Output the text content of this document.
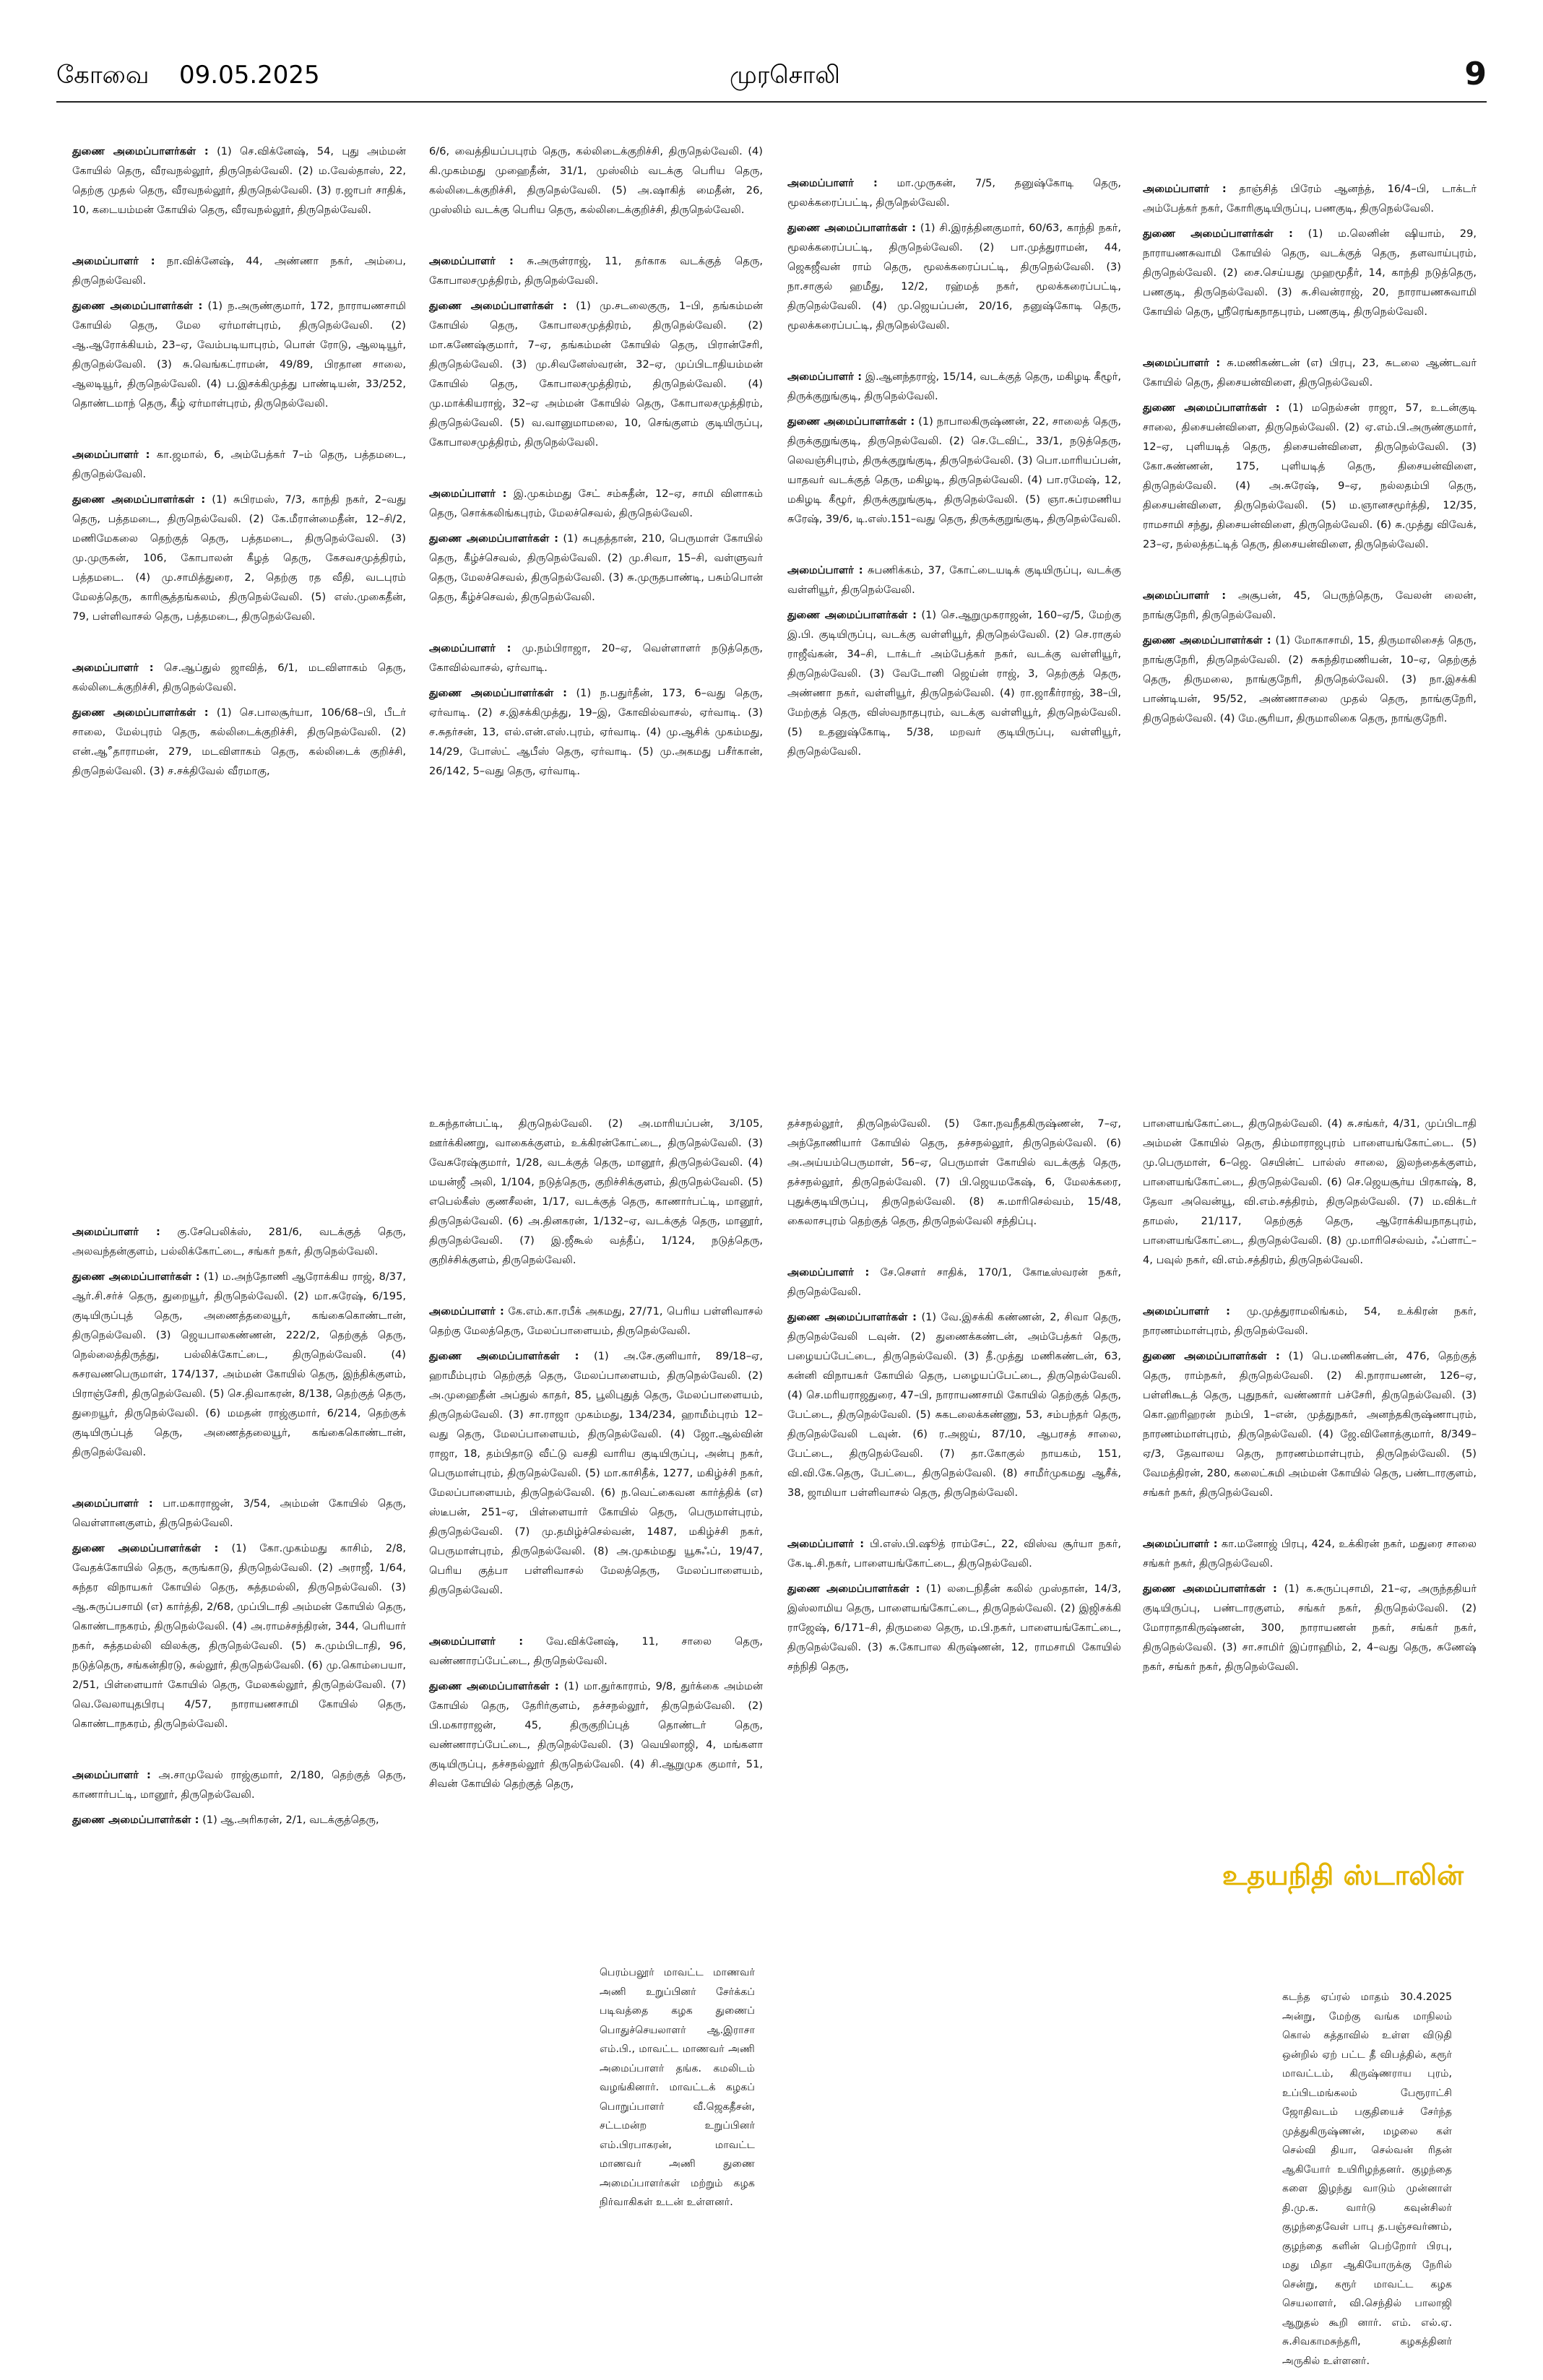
கோவை 09.05.2025	முரசொலி	9
துணை அமைப்பாளர்கள் : (1) செ.விக்னேஷ், 54, புது அம்மன் கோயில் தெரு, வீரவநல்லூர், திருநெல்வேலி. (2) ம.வேல்தாஸ், 22, தெற்கு முதல் தெரு, வீரவநல்லூர், திருநெல்வேலி. (3) ர.ஜாபர் சாதிக், 10, கடையம்மன் கோயில் தெரு, வீரவநல்லூர், திருநெல்வேலி.
அமைப்பாளர் : நா.விக்னேஷ், 44, அண்ணா நகர், அம்பை, திருநெல்வேலி.
துணை அமைப்பாளர்கள் : (1) ந.அருண்குமார், 172, நாராயணசாமி கோயில் தெரு, மேல ஏர்மாள்புரம், திருநெல்வேலி. (2) ஆ.ஆரோக்கியம், 23–ஏ, வேம்படியாபுரம், பொள் ரோடு, ஆலடியூர், திருநெல்வேலி. (3) சு.வெங்கட்ராமன், 49/89, பிரதான சாலை, ஆலடியூர், திருநெல்வேலி. (4) ப.இசக்கிமுத்து பாண்டியன், 33/252, தொண்டமாந் தெரு, கீழ் ஏர்மாள்புரம், திருநெல்வேலி.
அமைப்பாளர் : கா.ஜமால், 6, அம்பேத்கர் 7–ம் தெரு, பத்தமடை, திருநெல்வேலி.
துணை அமைப்பாளர்கள் : (1) சுபிரமஸ், 7/3, காந்தி நகர், 2–வது தெரு, பத்தமடை, திருநெல்வேலி. (2) கே.மீரான்மைதீன், 12–சி/2, மணிமேகலை தெற்குத் தெரு, பத்தமடை, திருநெல்வேலி. (3) மு.முருகன், 106, கோபாலன் கீழத் தெரு, கேசவசமுத்திரம், பத்தமடை. (4) மு.சாமித்துரை, 2, தெற்கு ரத வீதி, வடபுரம் மேலத்தெரு, காரிசூத்தங்கலம், திருநெல்வேலி. (5) எஸ்.முகைதீன், 79, பள்ளிவாசல் தெரு, பத்தமடை, திருநெல்வேலி.
அமைப்பாளர் : செ.ஆப்துல் ஜாவித், 6/1, மடவிளாகம் தெரு, கல்லிடைக்குறிச்சி, திருநெல்வேலி.
துணை அமைப்பாளர்கள் : (1) செ.பாலசூர்யா, 106/68–பி, பீடர் சாலை, மேல்புரம் தெரு, கல்லிடைக்குறிச்சி, திருநெல்வேலி. (2) என்.ஆீதாராமன், 279, மடவிளாகம் தெரு, கல்லிடைக் குறிச்சி, திருநெல்வேலி. (3) ச.சக்திவேல் வீரமாகு,
6/6, வைத்தியப்பபுரம் தெரு, கல்லிடைக்குறிச்சி, திருநெல்வேலி. (4) கி.முகம்மது முஹைதீன், 31/1, முஸ்லிம் வடக்கு பெரிய தெரு, கல்லிடைக்குறிச்சி, திருநெல்வேலி. (5) அ.ஷாகித் மைதீன், 26, முஸ்லிம் வடக்கு பெரிய தெரு, கல்லிடைக்குறிச்சி, திருநெல்வேலி.
அமைப்பாளர் : சு.அருள்ராஜ், 11, தர்காக வடக்குத் தெரு, கோபாலசமுத்திரம், திருநெல்வேலி.
துணை அமைப்பாளர்கள் : (1) மு.சடலைகுரு, 1–பி, தங்கம்மன் கோயில் தெரு, கோபாலசமுத்திரம், திருநெல்வேலி. (2) மா.கணேஷ்குமார், 7–ஏ, தங்கம்மன் கோயில் தெரு, பிரான்சேரி, திருநெல்வேலி. (3) மு.சிவனேஸ்வரன், 32–ஏ, முப்பிடாதியம்மன் கோயில் தெரு, கோபாலசமுத்திரம், திருநெல்வேலி. (4) மு.மாக்கியராஜ், 32–ஏ அம்மன் கோயில் தெரு, கோபாலசமுத்திரம், திருநெல்வேலி. (5) வ.வானுமாமலை, 10, செங்குளம் குடியிருப்பு, கோபாலசமுத்திரம், திருநெல்வேலி.
அமைப்பாளர் : இ.முகம்மது சேட் சம்சுதீன், 12–ஏ, சாமி விளாகம் தெரு, சொக்கலிங்கபுரம், மேலச்செவல், திருநெல்வேலி.
துணை அமைப்பாளர்கள் : (1) சுபுதத்தான், 210, பெருமாள் கோயில் தெரு, கீழ்ச்செவல், திருநெல்வேலி. (2) மு.சிவா, 15–சி, வள்ளுவர் தெரு, மேலச்செவல், திருநெல்வேலி. (3) சு.முருதபாண்டி, பசும்பொன் தெரு, கீழ்ச்செவல், திருநெல்வேலி.
அமைப்பாளர் : மு.நம்பிராஜா, 20–ஏ, வெள்ளாளர் நடுத்தெரு, கோவில்வாசல், ஏர்வாடி.
துணை அமைப்பாளர்கள் : (1) ந.பதுர்தீன், 173, 6–வது தெரு, ஏர்வாடி. (2) ச.இசக்கிமுத்து, 19–இ, கோவில்வாசல், ஏர்வாடி. (3) ச.சுதர்சன், 13, எல்.என்.எஸ்.புரம், ஏர்வாடி. (4) மு.ஆசிக் முகம்மது, 14/29, போஸ்ட் ஆபீஸ் தெரு, ஏர்வாடி. (5) மு.அகமது பசீர்கான், 26/142, 5–வது தெரு, ஏர்வாடி.
அமைப்பாளர் : மா.முருகன், 7/5, தனுஷ்கோடி தெரு, மூலக்கரைப்பட்டி, திருநெல்வேலி.
துணை அமைப்பாளர்கள் : (1) சி.இரத்தினகுமார், 60/63, காந்தி நகர், மூலக்கரைப்பட்டி, திருநெல்வேலி. (2) பா.முத்துராமன், 44, ஜெகஜீவன் ராம் தெரு, மூலக்கரைப்பட்டி, திருநெல்வேலி. (3) நா.சாகுல் ஹமீது, 12/2, ரஹ்மத் நகர், மூலக்கரைப்பட்டி, திருநெல்வேலி. (4) மு.ஜெயப்பன், 20/16, தனுஷ்கோடி தெரு, மூலக்கரைப்பட்டி, திருநெல்வேலி.
அமைப்பாளர் : இ.ஆனந்தராஜ், 15/14, வடக்குத் தெரு, மகிழடி கீழூர், திருக்குறுங்குடி, திருநெல்வேலி.
துணை அமைப்பாளர்கள் : (1) நாபாலகிருஷ்ணன், 22, சாலைத் தெரு, திருக்குறுங்குடி, திருநெல்வேலி. (2) செ.டேவிட், 33/1, நடுத்தெரு, லெவஞ்சிபுரம், திருக்குறுங்குடி, திருநெல்வேலி. (3) பொ.மாரியப்பன், யாதவர் வடக்குத் தெரு, மகிழடி, திருநெல்வேலி. (4) பா.ரமேஷ், 12, மகிழடி கீழூர், திருக்குறுங்குடி, திருநெல்வேலி. (5) ஞா.சுப்ரமணிய சுரேஷ், 39/6, டி.எஸ்.151–வது தெரு, திருக்குறுங்குடி, திருநெல்வேலி.
அமைப்பாளர் : சுபணிக்கம், 37, கோட்டையடிக் குடியிருப்பு, வடக்கு வள்ளியூர், திருநெல்வேலி.
துணை அமைப்பாளர்கள் : (1) செ.ஆறுமுகராஜன், 160–ஏ/5, மேற்கு இ.பி. குடியிருப்பு, வடக்கு வள்ளியூர், திருநெல்வேலி. (2) செ.ராகுல் ராஜீவ்கன், 34–சி, டாக்டர் அம்பேத்கர் நகர், வடக்கு வள்ளியூர், திருநெல்வேலி. (3) வேடோனி ஜெய்ன் ராஜ், 3, தெற்குத் தெரு, அண்ணா நகர், வள்ளியூர், திருநெல்வேலி. (4) ரா.ஜாகீர்ராஜ், 38–பி, மேற்குத் தெரு, விஸ்வநாதபுரம், வடக்கு வள்ளியூர், திருநெல்வேலி. (5) உதனுஷ்கோடி, 5/38, மறவர் குடியிருப்பு, வள்ளியூர், திருநெல்வேலி.
அமைப்பாளர் : தாஞ்சித் பிரேம் ஆனந்த், 16/4–பி, டாக்டர் அம்பேத்கர் நகர், கோரிகுடியிருப்பு, பணகுடி, திருநெல்வேலி.
துணை அமைப்பாளர்கள் : (1) ம.லெனின் ஷியாம், 29, நாராயணசுவாமி கோயில் தெரு, வடக்குத் தெரு, தளவாய்புரம், திருநெல்வேலி. (2) சை.செய்யது முஹமூதீர், 14, காந்தி நடுத்தெரு, பணகுடி, திருநெல்வேலி. (3) சு.சிவன்ராஜ், 20, நாராயணசுவாமி கோயில் தெரு, ஸ்ரீரெங்கநாதபுரம், பணகுடி, திருநெல்வேலி.
அமைப்பாளர் : சு.மணிகண்டன் (எ) பிரபு, 23, சுடலை ஆண்டவர் கோயில் தெரு, திசையன்விளை, திருநெல்வேலி.
துணை அமைப்பாளர்கள் : (1) மநெல்சன் ராஜா, 57, உடன்குடி சாலை, திசையன்விளை, திருநெல்வேலி. (2) ஏ.எம்.பி.அருண்குமார், 12–ஏ, புளியடித் தெரு, திசையன்விளை, திருநெல்வேலி. (3) கோ.சுண்ணன், 175, புளியடித் தெரு, திசையன்விளை, திருநெல்வேலி. (4) அ.சுரேஷ், 9–ஏ, நல்லதம்பி தெரு, திசையன்விளை, திருநெல்வேலி. (5) ம.ஞானசமூர்த்தி, 12/35, ராமசாமி சந்து, திசையன்விளை, திருநெல்வேலி. (6) சு.முத்து விவேக், 23–ஏ, நல்லத்தட்டித் தெரு, திசையன்விளை, திருநெல்வேலி.
அமைப்பாளர் : அசூபன், 45, பெருந்தெரு, வேலன் லைன், நாங்குநேரி, திருநெல்வேலி.
துணை அமைப்பாளர்கள் : (1) மோகாசாமி, 15, திருமாலிசைத் தெரு, நாங்குநேரி, திருநெல்வேலி. (2) சுகந்திரமணியன், 10–ஏ, தெற்குத் தெரு, திருமலை, நாங்குநேரி, திருநெல்வேலி. (3) நா.இசக்கி பாண்டியன், 95/52, அண்ணாசலை முதல் தெரு, நாங்குநேரி, திருநெல்வேலி. (4) மே.சூரியா, திருமாலிகை தெரு, நாங்குநேரி.
அமைப்பாளர் : கு.சேபெலிக்ஸ், 281/6, வடக்குத் தெரு, அலவந்தன்குளம், பல்லிக்கோட்டை, சங்கர் நகர், திருநெல்வேலி.
துணை அமைப்பாளர்கள் : (1) ம.அந்தோணி ஆரோக்கிய ராஜ், 8/37, ஆர்.சி.சர்ச் தெரு, துறையூர், திருநெல்வேலி. (2) மா.சுரேஷ், 6/195, குடியிருப்புத் தெரு, அணைத்தலையூர், கங்கைகொண்டான், திருநெல்வேலி. (3) ஜெயபாலகண்ணன், 222/2, தெற்குத் தெரு, நெல்லைத்திருத்து, பல்லிக்கோட்டை, திருநெல்வேலி. (4) சுசரவணபெருமாள், 174/137, அம்மன் கோயில் தெரு, இந்திக்குளம், பிராஞ்சேரி, திருநெல்வேலி. (5) செ.திவாகரன், 8/138, தெற்குத் தெரு, துறையூர், திருநெல்வேலி. (6) மமதன் ராஜ்குமார், 6/214, தெற்குக் குடியிருப்புத் தெரு, அணைத்தலையூர், கங்கைகொண்டான், திருநெல்வேலி.
அமைப்பாளர் : பா.மகாராஜன், 3/54, அம்மன் கோயில் தெரு, வெள்ளானகுளம், திருநெல்வேலி.
துணை அமைப்பாளர்கள் : (1) கோ.முகம்மது காசிம், 2/8, வேதக்கோயில் தெரு, கருங்காடு, திருநெல்வேலி. (2) அராஜீ, 1/64, சுந்தர விநாயகர் கோயில் தெரு, சுத்தமல்லி, திருநெல்வேலி. (3) ஆ.சுருப்பசாமி (எ) கார்த்தி, 2/68, முப்பிடாதி அம்மன் கோயில் தெரு, கொண்டாநகரம், திருநெல்வேலி. (4) அ.ராமச்சந்திரன், 344, பெரியார் நகர், சுத்தமல்லி விலக்கு, திருநெல்வேலி. (5) சு.மும்பிடாதி, 96, நடுத்தெரு, சங்கன்திரடு, சுல்லூர், திருநெல்வேலி. (6) மு.கொம்பையா, 2/51, பிள்ளையார் கோயில் தெரு, மேலகல்லூர், திருநெல்வேலி. (7) வெ.வேலாயுதபிரபு 4/57, நாராயணசாமி கோயில் தெரு, கொண்டாநகரம், திருநெல்வேலி.
அமைப்பாளர் : அ.சாமுவேல் ராஜ்குமார், 2/180, தெற்குத் தெரு, காணார்பட்டி, மானூர், திருநெல்வேலி.
துணை அமைப்பாளர்கள் : (1) ஆ.அரிகரன், 2/1, வடக்குத்தெரு,
உசுந்தான்பட்டி, திருநெல்வேலி. (2) அ.மாரியப்பன், 3/105, ஊர்க்கிணறு, வாகைக்குளம், உக்கிரன்கோட்டை, திருநெல்வேலி. (3) வேசுரேஷ்குமார், 1/28, வடக்குத் தெரு, மானூர், திருநெல்வேலி. (4) மயன்ஜீ அலி, 1/104, நடுத்தெரு, குறிச்சிக்குளம், திருநெல்வேலி. (5) எபெல்கீஸ் குணசீலன், 1/17, வடக்குத் தெரு, காணார்பட்டி, மானூர், திருநெல்வேலி. (6) அ.தினகரன், 1/132–ஏ, வடக்குத் தெரு, மானூர், திருநெல்வேலி. (7) இ.ஜீகூல் வத்தீப், 1/124, நடுத்தெரு, குறிச்சிக்குளம், திருநெல்வேலி.
அமைப்பாளர் : கே.எம்.கா.ரபீக் அகமது, 27/71, பெரிய பள்ளிவாசல் தெற்கு மேலத்தெரு, மேலப்பாளையம், திருநெல்வேலி.
துணை அமைப்பாளர்கள் : (1) அ.சே.குனியார், 89/18–ஏ, ஹாமீம்புரம் தெற்குத் தெரு, மேலப்பாளையம், திருநெல்வேலி. (2) அ.முஹைதீன் அப்துல் காதர், 85, பூலிபுதுத் தெரு, மேலப்பாளையம், திருநெல்வேலி. (3) சா.ராஜா முகம்மது, 134/234, ஹாமீம்புரம் 12–வது தெரு, மேலப்பாளையம், திருநெல்வேலி. (4) ஜோ.ஆல்வின் ராஜா, 18, தம்பிதாடு வீட்டு வசதி வாரிய குடியிருப்பு, அன்பு நகர், பெருமாள்புரம், திருநெல்வேலி. (5) மா.காசிதீக், 1277, மகிழ்ச்சி நகர், மேலப்பாளையம், திருநெல்வேலி. (6) ந.வெட்கைவன கார்த்திக் (எ) ஸ்டீபன், 251–ஏ, பிள்ளையார் கோயில் தெரு, பெருமாள்புரம், திருநெல்வேலி. (7) மு.தமிழ்ச்செல்வன், 1487, மகிழ்ச்சி நகர், பெருமாள்புரம், திருநெல்வேலி. (8) அ.முகம்மது யூசுஃப், 19/47, பெரிய குத்பா பள்ளிவாசல் மேலத்தெரு, மேலப்பாளையம், திருநெல்வேலி.
அமைப்பாளர் : வே.விக்னேஷ், 11, சாலை தெரு, வண்ணாரப்பேட்டை, திருநெல்வேலி.
துணை அமைப்பாளர்கள் : (1) மா.துர்காராம், 9/8, துர்க்கை அம்மன் கோயில் தெரு, தேரிர்குளம், தச்சநல்லூர், திருநெல்வேலி. (2) பி.மகாராஜன், 45, திருகுறிப்புத் தொண்டர் தெரு, வண்ணாரப்பேட்டை, திருநெல்வேலி. (3) வெயிலாஜி, 4, மங்களா குடியிருப்பு, தச்சநல்லூர் திருநெல்வேலி. (4) சி.ஆறுமுக குமார், 51, சிவன் கோயில் தெற்குத் தெரு,
தச்சநல்லூர், திருநெல்வேலி. (5) கோ.நவநீதகிருஷ்ணன், 7–ஏ, அந்தோணியார் கோயில் தெரு, தச்சநல்லூர், திருநெல்வேலி. (6) அ.அய்யம்பெருமாள், 56–ஏ, பெருமாள் கோயில் வடக்குத் தெரு, தச்சநல்லூர், திருநெல்வேலி. (7) பி.ஜெயமகேஷ், 6, மேலக்கரை, புதுக்குடியிருப்பு, திருநெல்வேலி. (8) சு.மாரிசெல்வம், 15/48, கைலாசபுரம் தெற்குத் தெரு, திருநெல்வேலி சந்திப்பு.
அமைப்பாளர் : சே.செளர் சாதிக், 170/1, கோடீஸ்வரன் நகர், திருநெல்வேலி.
துணை அமைப்பாளர்கள் : (1) வே.இசக்கி கண்ணன், 2, சிவா தெரு, திருநெல்வேலி டவுன். (2) துணைக்கண்டன், அம்பேத்கர் தெரு, பழையப்பேட்டை, திருநெல்வேலி. (3) தீ.முத்து மணிகண்டன், 63, கன்னி விநாயகர் கோயில் தெரு, பழையப்பேட்டை, திருநெல்வேலி. (4) செ.மரியராஜதுரை, 47–பி, நாராயணசாமி கோயில் தெற்குத் தெரு, பேட்டை, திருநெல்வேலி. (5) சுகடலைக்கண்ணு, 53, சம்பந்தர் தெரு, திருநெல்வேலி டவுன். (6) ர.அஜய், 87/10, ஆபரசத் சாலை, பேட்டை, திருநெல்வேலி. (7) தா.கோகுல் நாயகம், 151, வி.வி.கே.தெரு, பேட்டை, திருநெல்வேலி. (8) சாமீர்முகமது ஆசீக், 38, ஜாமியா பள்ளிவாசல் தெரு, திருநெல்வேலி.
அமைப்பாளர் : பி.எஸ்.பி.ஷூத் ராம்சேட், 22, விஸ்வ சூர்யா நகர், கே.டி.சி.நகர், பாளையங்கோட்டை, திருநெல்வேலி.
துணை அமைப்பாளர்கள் : (1) லடைநிதீன் கலில் முஸ்தான், 14/3, இஸ்லாமிய தெரு, பாளையங்கோட்டை, திருநெல்வேலி. (2) இஜிசக்கி ராஜேஷ், 6/171–சி, திருமலை தெரு, ம.பி.நகர், பாளையங்கோட்டை, திருநெல்வேலி. (3) சு.கோபால கிருஷ்ணன், 12, ராமசாமி கோயில் சந்நிதி தெரு,
பாளையங்கோட்டை, திருநெல்வேலி. (4) சு.சங்கர், 4/31, முப்பிடாதி அம்மன் கோயில் தெரு, திம்மாராஜபுரம் பாளையங்கோட்டை. (5) மு.பெருமாள், 6–ஜெ. செயின்ட் பால்ஸ் சாலை, இலந்தைக்குளம், பாளையங்கோட்டை, திருநெல்வேலி. (6) செ.ஜெயசூர்ய பிரகாஷ், 8, தேவா அவென்யூ, வி.எம்.சத்திரம், திருநெல்வேலி. (7) ம.விக்டர் தாமஸ், 21/117, தெற்குத் தெரு, ஆரோக்கியநாதபுரம், பாளையங்கோட்டை, திருநெல்வேலி. (8) மு.மாரிசெல்வம், ஃப்ளாட்–4, பவுல் நகர், வி.எம்.சத்திரம், திருநெல்வேலி.
அமைப்பாளர் : மு.முத்துராமலிங்கம், 54, உக்கிரன் நகர், நாரணம்மாள்புரம், திருநெல்வேலி.
துணை அமைப்பாளர்கள் : (1) பெ.மணிகண்டன், 476, தெற்குத் தெரு, ராம்நகர், திருநெல்வேலி. (2) கி.நாராயணன், 126–ஏ, பள்ளிகூடத் தெரு, புதுநகர், வண்ணார் பச்சேரி, திருநெல்வேலி. (3) கொ.ஹரிஹரன் நம்பி, 1–என், முத்துநகர், அனந்தகிருஷ்ணாபுரம், நாரணம்மாள்புரம், திருநெல்வேலி. (4) ஜே.வினோத்குமார், 8/349–ஏ/3, தேவாலய தெரு, நாரணம்மாள்புரம், திருநெல்வேலி. (5) வேமத்திரன், 280, கலைட்சுமி அம்மன் கோயில் தெரு, பண்டாரகுளம், சங்கர் நகர், திருநெல்வேலி.
அமைப்பாளர் : கா.மனோஜ் பிரபு, 424, உக்கிரன் நகர், மதுரை சாலை சங்கர் நகர், திருநெல்வேலி.
துணை அமைப்பாளர்கள் : (1) க.சுருப்புசாமி, 21–ஏ, அருந்ததியர் குடியிருப்பு, பண்டாரகுளம், சங்கர் நகர், திருநெல்வேலி. (2) மோராதாகிருஷ்ணன், 300, நாராயணன் நகர், சங்கர் நகர், திருநெல்வேலி. (3) சா.சாமிர் இப்ராஹிம், 2, 4–வது தெரு, சுணேஷ் நகர், சங்கர் நகர், திருநெல்வேலி.
உதயநிதி ஸ்டாலின்
பெரம்பலூர் மாவட்ட மாணவர் அணி உறுப்பினர் சேர்க்கப் படிவத்தை கழக துணைப் பொதுச்செயலாளர் ஆ.இராசா எம்.பி., மாவட்ட மாணவர் அணி அமைப்பாளர் தங்க. கமலிடம் வழங்கினார். மாவட்டக் கழகப் பொறுப்பாளர் வீ.ஜெகதீசன், சட்டமன்ற உறுப்பினர் எம்.பிரபாகரன், மாவட்ட மாணவர் அணி துணை அமைப்பாளர்கள் மற்றும் கழக நிர்வாகிகள் உடன் உள்ளனர்.
கடந்த ஏப்ரல் மாதம் 30.4.2025 அன்று, மேற்கு வங்க மாநிலம் கொல் கத்தாவில் உள்ள விடுதி ஒன்றில் ஏற் பட்ட தீ விபத்தில், கரூர் மாவட்டம், கிருஷ்ணராய புரம், உப்பிடமங்கலம் பேரூராட்சி ஜோதிவடம் பகுதியைச் சேர்ந்த முத்துகிருஷ்ணன், மழலை கள் செல்வி தியா, செல்வன் ரிதன் ஆகியோர் உயிரிழந்தனர். குழந்தை களை இழந்து வாடும் முன்னாள் தி.மு.க. வார்டு கவுன்சிலர் குழந்தைவேள் பாபு த.பஞ்சவர்ணம், குழந்தை களின் பெற்றோர் பிரபு, மது மிதா ஆகியோருக்கு நேரில் சென்று, கரூர் மாவட்ட கழக செயலாளர், வி.செந்தில் பாலாஜி ஆறுதல் கூறி னார். எம். எல்.ஏ. சு.சிவகாமசுந்தரி, கழகத்தினர் அருகில் உள்ளனர்.
